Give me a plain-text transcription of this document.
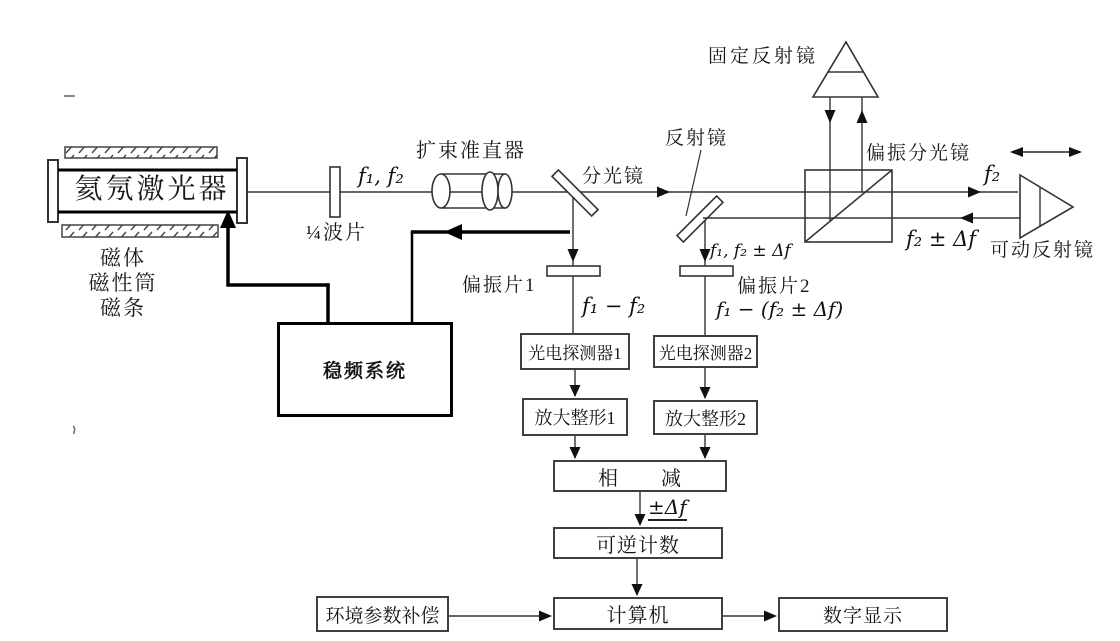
稳频系统
光电探测器1	光电探测器2
放大整形1	放大整形2
相　　减
可逆计数
计算机
环境参数补偿	数字显示
氦氖激光器
磁体
磁性筒
磁条
¼波片
f₁, f₂
扩束准直器
分光镜
反射镜
固定反射镜
偏振分光镜
f₂
f₂ ± Δf 可动反射镜
f₁, f₂ ± Δf
偏振片1
f₁ − f₂
偏振片2
f₁ − (f₂ ± Δf)
±Δf
